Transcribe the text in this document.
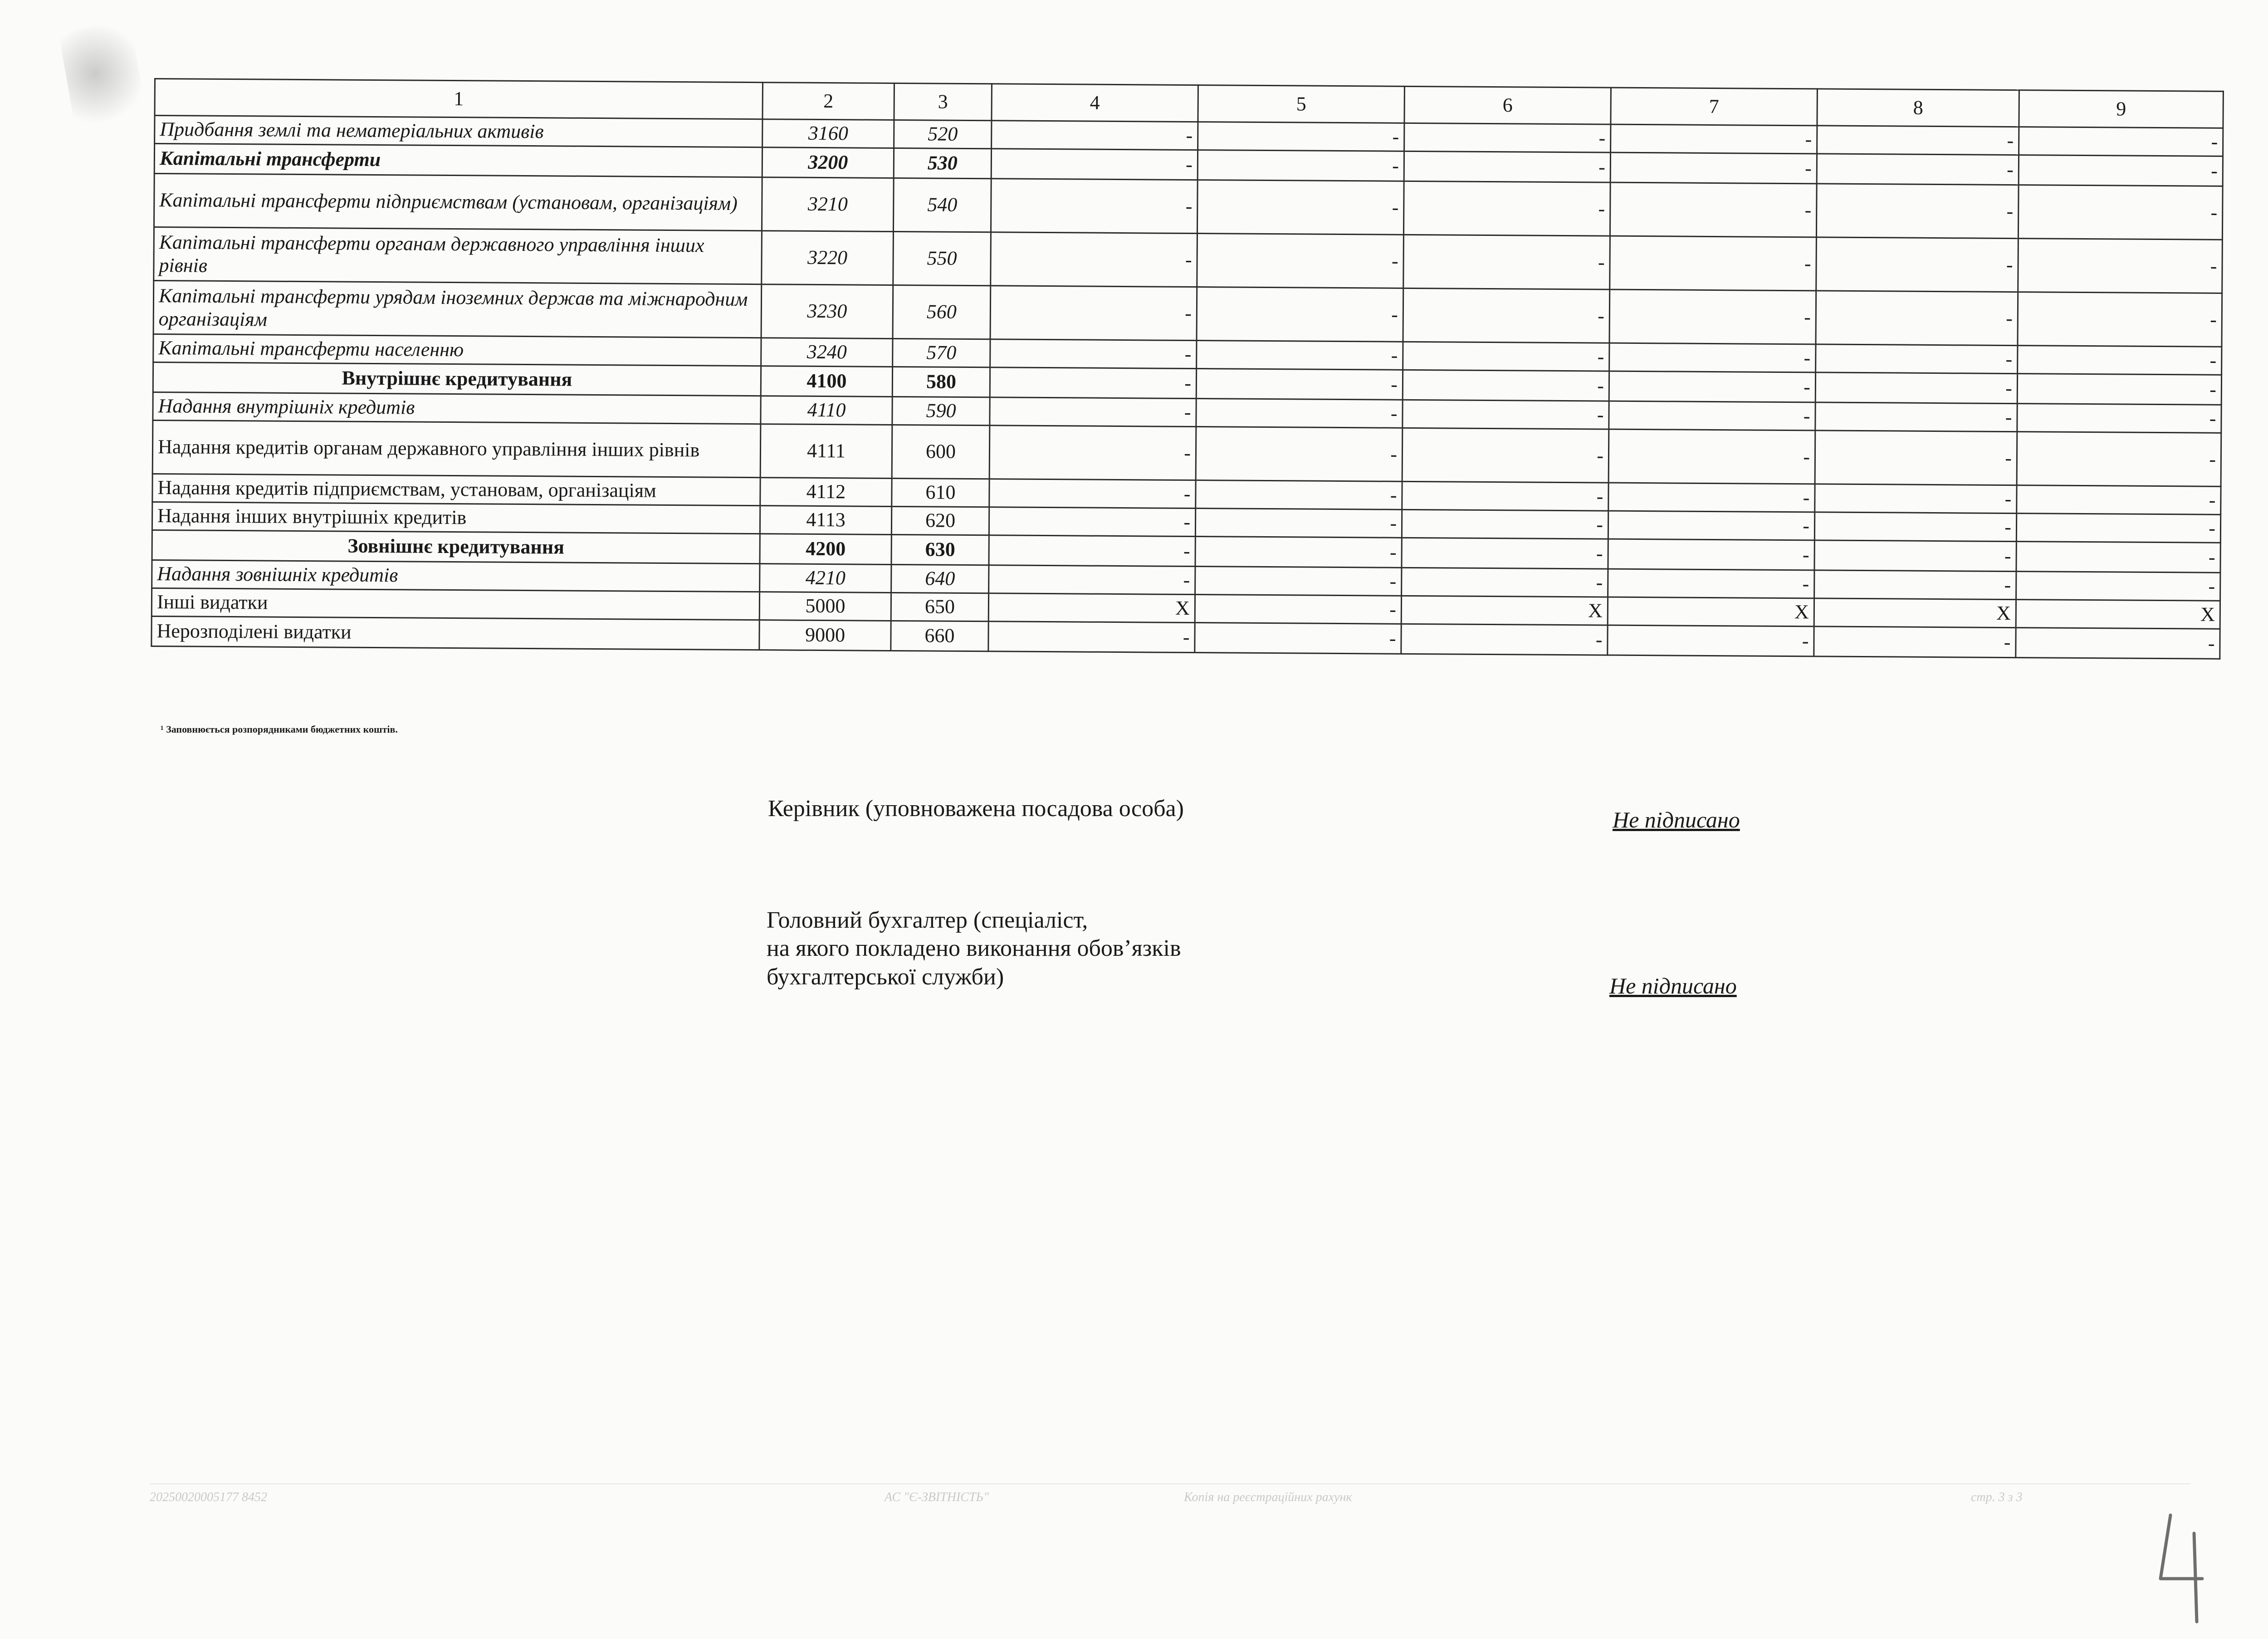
1	2	3	4	5	6	7	8	9
Придбання землі та нематеріальних активів	3160	520	-	-	-	-	-	-
Капітальні трансферти	3200	530	-	-	-	-	-	-
Капітальні трансферти підприємствам (установам, організаціям)	3210	540	-	-	-	-	-	-
Капітальні трансферти органам державного управління інших рівнів	3220	550	-	-	-	-	-	-
Капітальні трансферти урядам іноземних держав та міжнародним організаціям	3230	560	-	-	-	-	-	-
Капітальні трансферти населенню	3240	570	-	-	-	-	-	-
Внутрішнє кредитування	4100	580	-	-	-	-	-	-
Надання внутрішніх кредитів	4110	590	-	-	-	-	-	-
Надання кредитів органам державного управління інших рівнів	4111	600	-	-	-	-	-	-
Надання кредитів підприємствам, установам, організаціям	4112	610	-	-	-	-	-	-
Надання інших внутрішніх кредитів	4113	620	-	-	-	-	-	-
Зовнішнє кредитування	4200	630	-	-	-	-	-	-
Надання зовнішніх кредитів	4210	640	-	-	-	-	-	-
Інші видатки	5000	650	X	-	X	X	X	X
Нерозподілені видатки	9000	660	-	-	-	-	-	-
¹ Заповнюється розпорядниками бюджетних коштів.
Керівник (уповноважена посадова особа)	Не підписано
Головний бухгалтер (спеціаліст,
на якого покладено виконання обов’язків
бухгалтерської служби)	Не підписано
20250020005177 8452	АС "Є-ЗВІТНІСТЬ"	Копія на реєстраційних рахунк	стр. 3 з 3
